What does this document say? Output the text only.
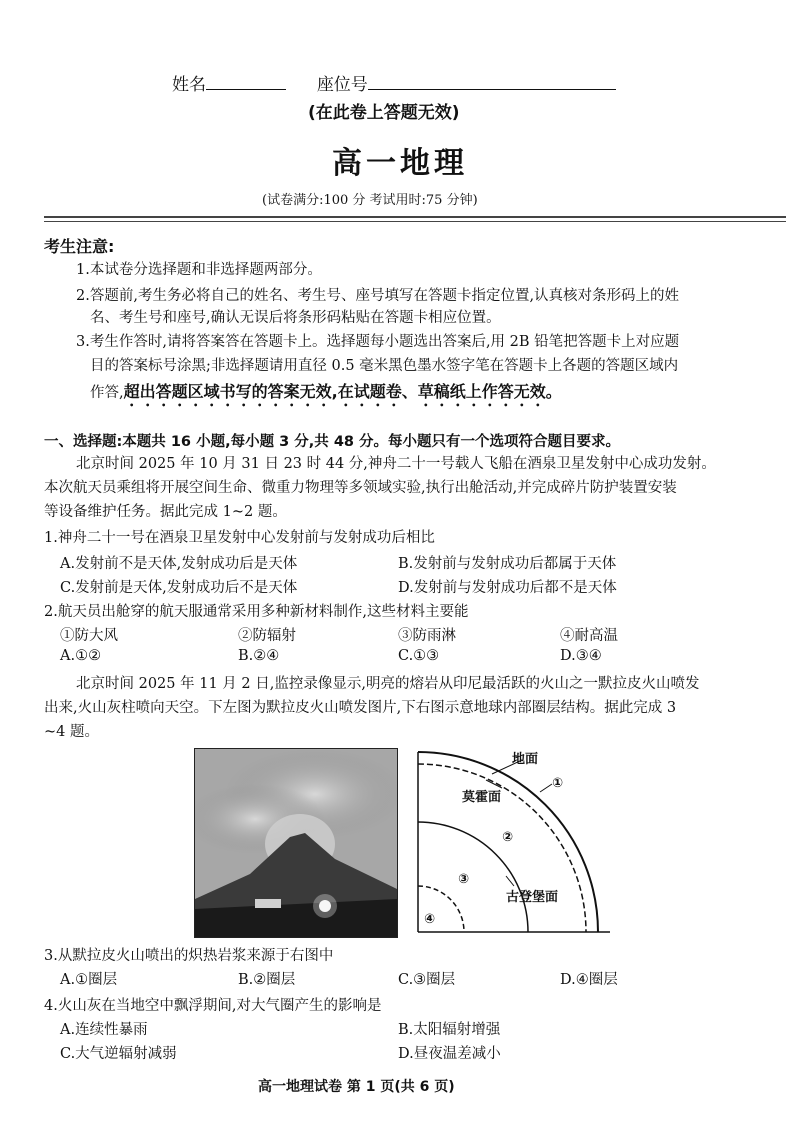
姓名	座位号
(在此卷上答题无效)
高一地理
(试卷满分:100 分 考试用时:75 分钟)
考生注意:
1.本试卷分选择题和非选择题两部分。
2.答题前,考生务必将自己的姓名、考生号、座号填写在答题卡指定位置,认真核对条形码上的姓
名、考生号和座号,确认无误后将条形码粘贴在答题卡相应位置。
3.考生作答时,请将答案答在答题卡上。选择题每小题选出答案后,用 2B 铅笔把答题卡上对应题
目的答案标号涂黑;非选择题请用直径 0.5 毫米黑色墨水签字笔在答题卡上各题的答题区域内
作答,超出答题区域书写的答案无效,在试题卷、草稿纸上作答无效。
一、选择题:本题共 16 小题,每小题 3 分,共 48 分。每小题只有一个选项符合题目要求。
北京时间 2025 年 10 月 31 日 23 时 44 分,神舟二十一号载人飞船在酒泉卫星发射中心成功发射。
本次航天员乘组将开展空间生命、微重力物理等多领域实验,执行出舱活动,并完成碎片防护装置安装
等设备维护任务。据此完成 1~2 题。
1.神舟二十一号在酒泉卫星发射中心发射前与发射成功后相比
A.发射前不是天体,发射成功后是天体	B.发射前与发射成功后都属于天体
C.发射前是天体,发射成功后不是天体	D.发射前与发射成功后都不是天体
2.航天员出舱穿的航天服通常采用多种新材料制作,这些材料主要能
①防大风	②防辐射	③防雨淋	④耐高温
A.①②	B.②④	C.①③	D.③④
北京时间 2025 年 11 月 2 日,监控录像显示,明亮的熔岩从印尼最活跃的火山之一默拉皮火山喷发
出来,火山灰柱喷向天空。下左图为默拉皮火山喷发图片,下右图示意地球内部圈层结构。据此完成 3
~4 题。
地面
莫霍面
①
②
③
古登堡面
④
3.从默拉皮火山喷出的炽热岩浆来源于右图中
A.①圈层	B.②圈层	C.③圈层	D.④圈层
4.火山灰在当地空中飘浮期间,对大气圈产生的影响是
A.连续性暴雨	B.太阳辐射增强
C.大气逆辐射减弱	D.昼夜温差减小
高一地理试卷 第 1 页(共 6 页)
